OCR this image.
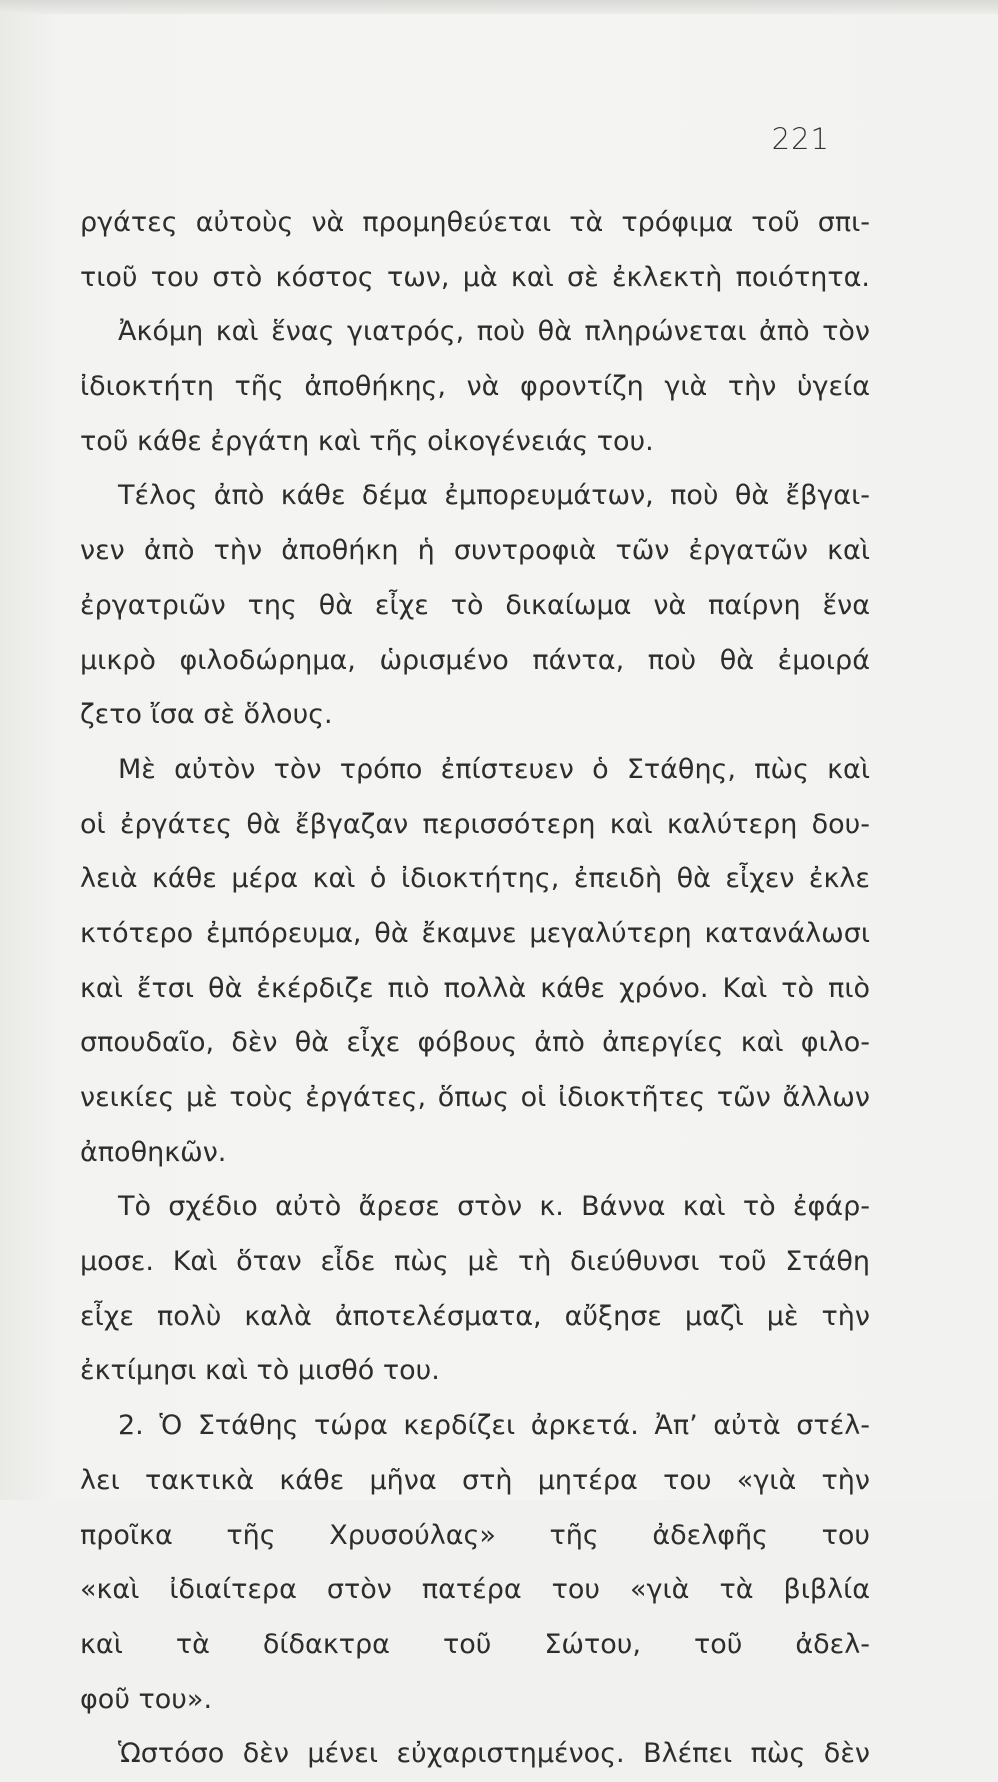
221
ργάτες αὐτοὺς νὰ προμηθεύεται τὰ τρόφιμα τοῦ σπι-
τιοῦ του στὸ κόστος των, μὰ καὶ σὲ ἐκλεκτὴ ποιότητα.
Ἀκόμη καὶ ἕνας γιατρός, ποὺ θὰ πληρώνεται ἀπὸ τὸν
ἰδιοκτήτη τῆς ἀποθήκης, νὰ φροντίζη γιὰ τὴν ὑγεία
τοῦ κάθε ἐργάτη καὶ τῆς οἰκογένειάς του.
Τέλος ἀπὸ κάθε δέμα ἐμπορευμάτων, ποὺ θὰ ἔβγαι-
νεν ἀπὸ τὴν ἀποθήκη ἡ συντροφιὰ τῶν ἐργατῶν καὶ
ἐργατριῶν της θὰ εἶχε τὸ δικαίωμα νὰ παίρνη ἕνα
μικρὸ φιλοδώρημα, ὡρισμένο πάντα, ποὺ θὰ ἐμοιρά
ζετο ἴσα σὲ ὅλους.
Μὲ αὐτὸν τὸν τρόπο ἐπίστευεν ὁ Στάθης, πὼς καὶ
οἱ ἐργάτες θὰ ἔβγαζαν περισσότερη καὶ καλύτερη δου-
λειὰ κάθε μέρα καὶ ὁ ἰδιοκτήτης, ἐπειδὴ θὰ εἶχεν ἐκλε
κτότερο ἐμπόρευμα, θὰ ἔκαμνε μεγαλύτερη κατανάλωσι
καὶ ἔτσι θὰ ἐκέρδιζε πιὸ πολλὰ κάθε χρόνο. Καὶ τὸ πιὸ
σπουδαῖο, δὲν θὰ εἶχε φόβους ἀπὸ ἀπεργίες καὶ φιλο-
νεικίες μὲ τοὺς ἐργάτες, ὅπως οἱ ἰδιοκτῆτες τῶν ἄλλων
ἀποθηκῶν.
Τὸ σχέδιο αὐτὸ ἄρεσε στὸν κ. Βάννα καὶ τὸ ἐφάρ-
μοσε. Καὶ ὅταν εἶδε πὼς μὲ τὴ διεύθυνσι τοῦ Στάθη
εἶχε πολὺ καλὰ ἀποτελέσματα, αὔξησε μαζὶ μὲ τὴν
ἐκτίμησι καὶ τὸ μισθό του.
2. Ὁ Στάθης τώρα κερδίζει ἀρκετά. Ἀπ’ αὐτὰ στέλ-
λει τακτικὰ κάθε μῆνα στὴ μητέρα του «γιὰ τὴν
προῖκα τῆς Χρυσούλας» τῆς ἀδελφῆς του
«καὶ ἰδιαίτερα στὸν πατέρα του «γιὰ τὰ βιβλία
καὶ τὰ δίδακτρα τοῦ Σώτου, τοῦ ἀδελ-
φοῦ του».
Ὡστόσο δὲν μένει εὐχαριστημένος. Βλέπει πὼς δὲν
